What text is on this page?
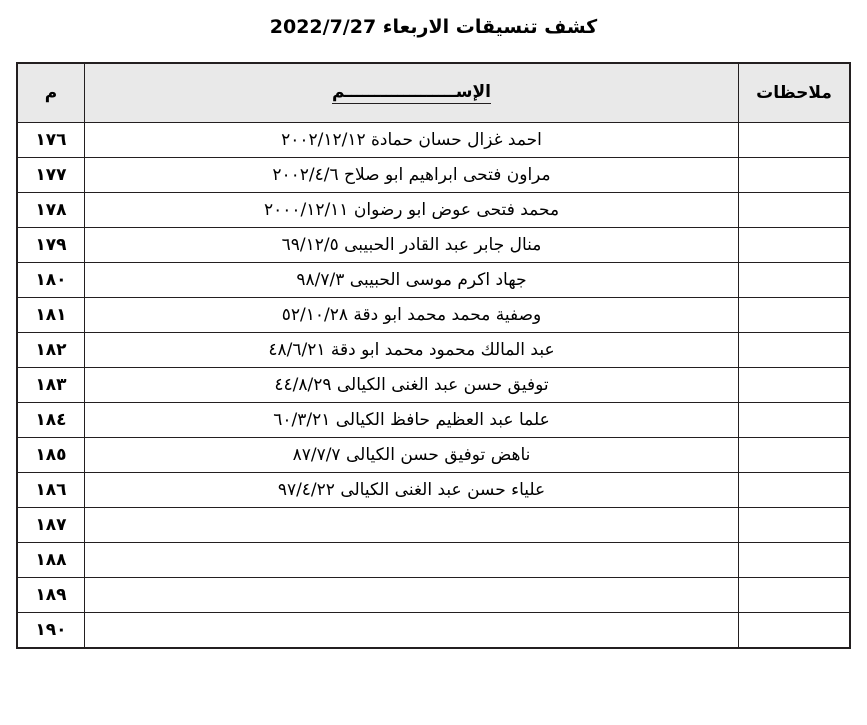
كشف تنسيقات الاربعاء 2022/7/27
ملاحظات	الإســـــــــــــــــــم	م
	احمد غزال حسان حمادة ٢٠٠٢/١٢/١٢	١٧٦
	مراون فتحى ابراهيم ابو صلاح ٢٠٠٢/٤/٦	١٧٧
	محمد فتحى عوض ابو رضوان ٢٠٠٠/١٢/١١	١٧٨
	منال جابر عبد القادر الحبيبى ٦٩/١٢/٥	١٧٩
	جهاد اكرم موسى الحبيبى ٩٨/٧/٣	١٨٠
	وصفية محمد محمد ابو دقة ٥٢/١٠/٢٨	١٨١
	عبد المالك محمود محمد ابو دقة ٤٨/٦/٢١	١٨٢
	توفيق حسن عبد الغنى الكيالى ٤٤/٨/٢٩	١٨٣
	علما عبد العظيم حافظ الكيالى ٦٠/٣/٢١	١٨٤
	ناهض توفيق حسن الكيالى ٨٧/٧/٧	١٨٥
	علياء حسن عبد الغنى الكيالى ٩٧/٤/٢٢	١٨٦
		١٨٧
		١٨٨
		١٨٩
		١٩٠
